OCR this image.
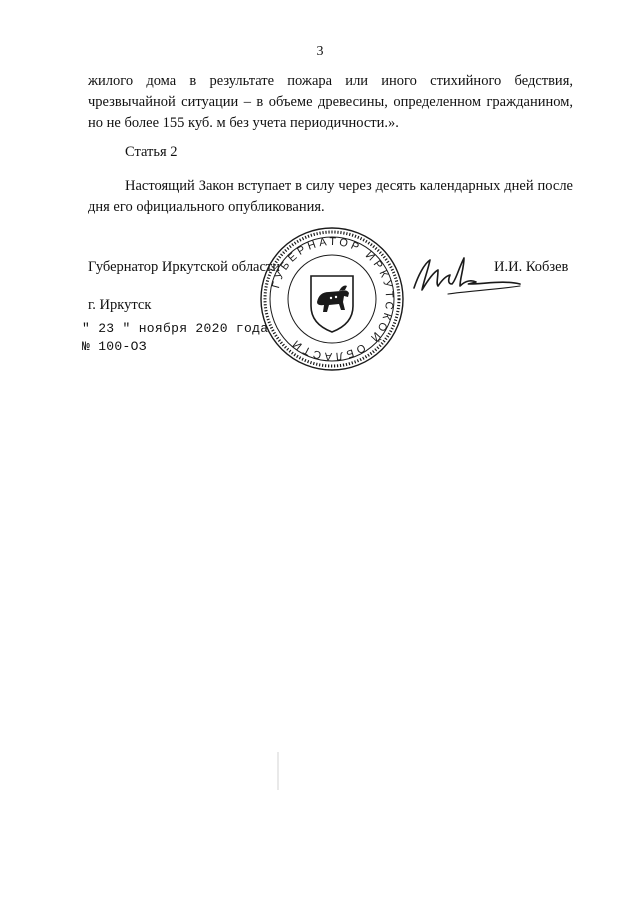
3

жилого дома в результате пожара или иного стихийного бедствия, чрезвычайной ситуации – в объеме древесины, определенном гражданином, но не более 155 куб. м без учета периодичности.».

Статья 2

Настоящий Закон вступает в силу через десять календарных дней после дня его официального опубликования.

Губернатор Иркутской области
ГУБЕРНАТОР ИРКУТСКОЙ ОБЛАСТИ
И.И. Кобзев
г. Иркутск
" 23 " ноября 2020 года
№ 100-ОЗ
